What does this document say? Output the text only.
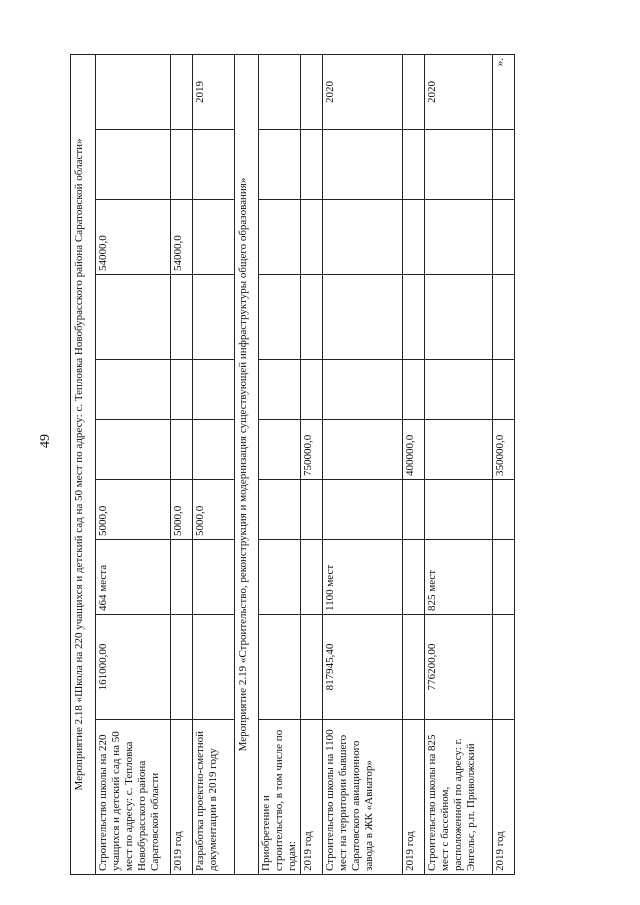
49 Мероприятие 2.18 «Школа на 220 учащихся и детский сад на 50 мест по адресу: с. Тепловка Новобурасского района Саратовской области»									
Строительство школы на 220 учащихся и детский сад на 50 мест по адресу: с. Тепловка Новобурасского района Саратовской области	161000,00	464 места	5000,0				54000,0		
2019 год			5000,0				54000,0		
Разработка проектно-сметной документации в 2019 году			5000,0						2019
Мероприятие 2.19 «Строительство, реконструкция и модернизация существующей инфраструктуры общего образования»									
Приобретение и строительство, в том числе по годам:									
2019 год				750000,0					
Строительство школы на 1100 мест на территории бывшего Саратовского авиационного завода в ЖК «Авиатор»	817945,40	1100 мест							2020
2019 год				400000,0					
Строительство школы на 825 мест с бассейном, расположенной по адресу: г. Энгельс, р.п. Приволжский	776200,00	825 мест							2020
2019 год				350000,0					».
